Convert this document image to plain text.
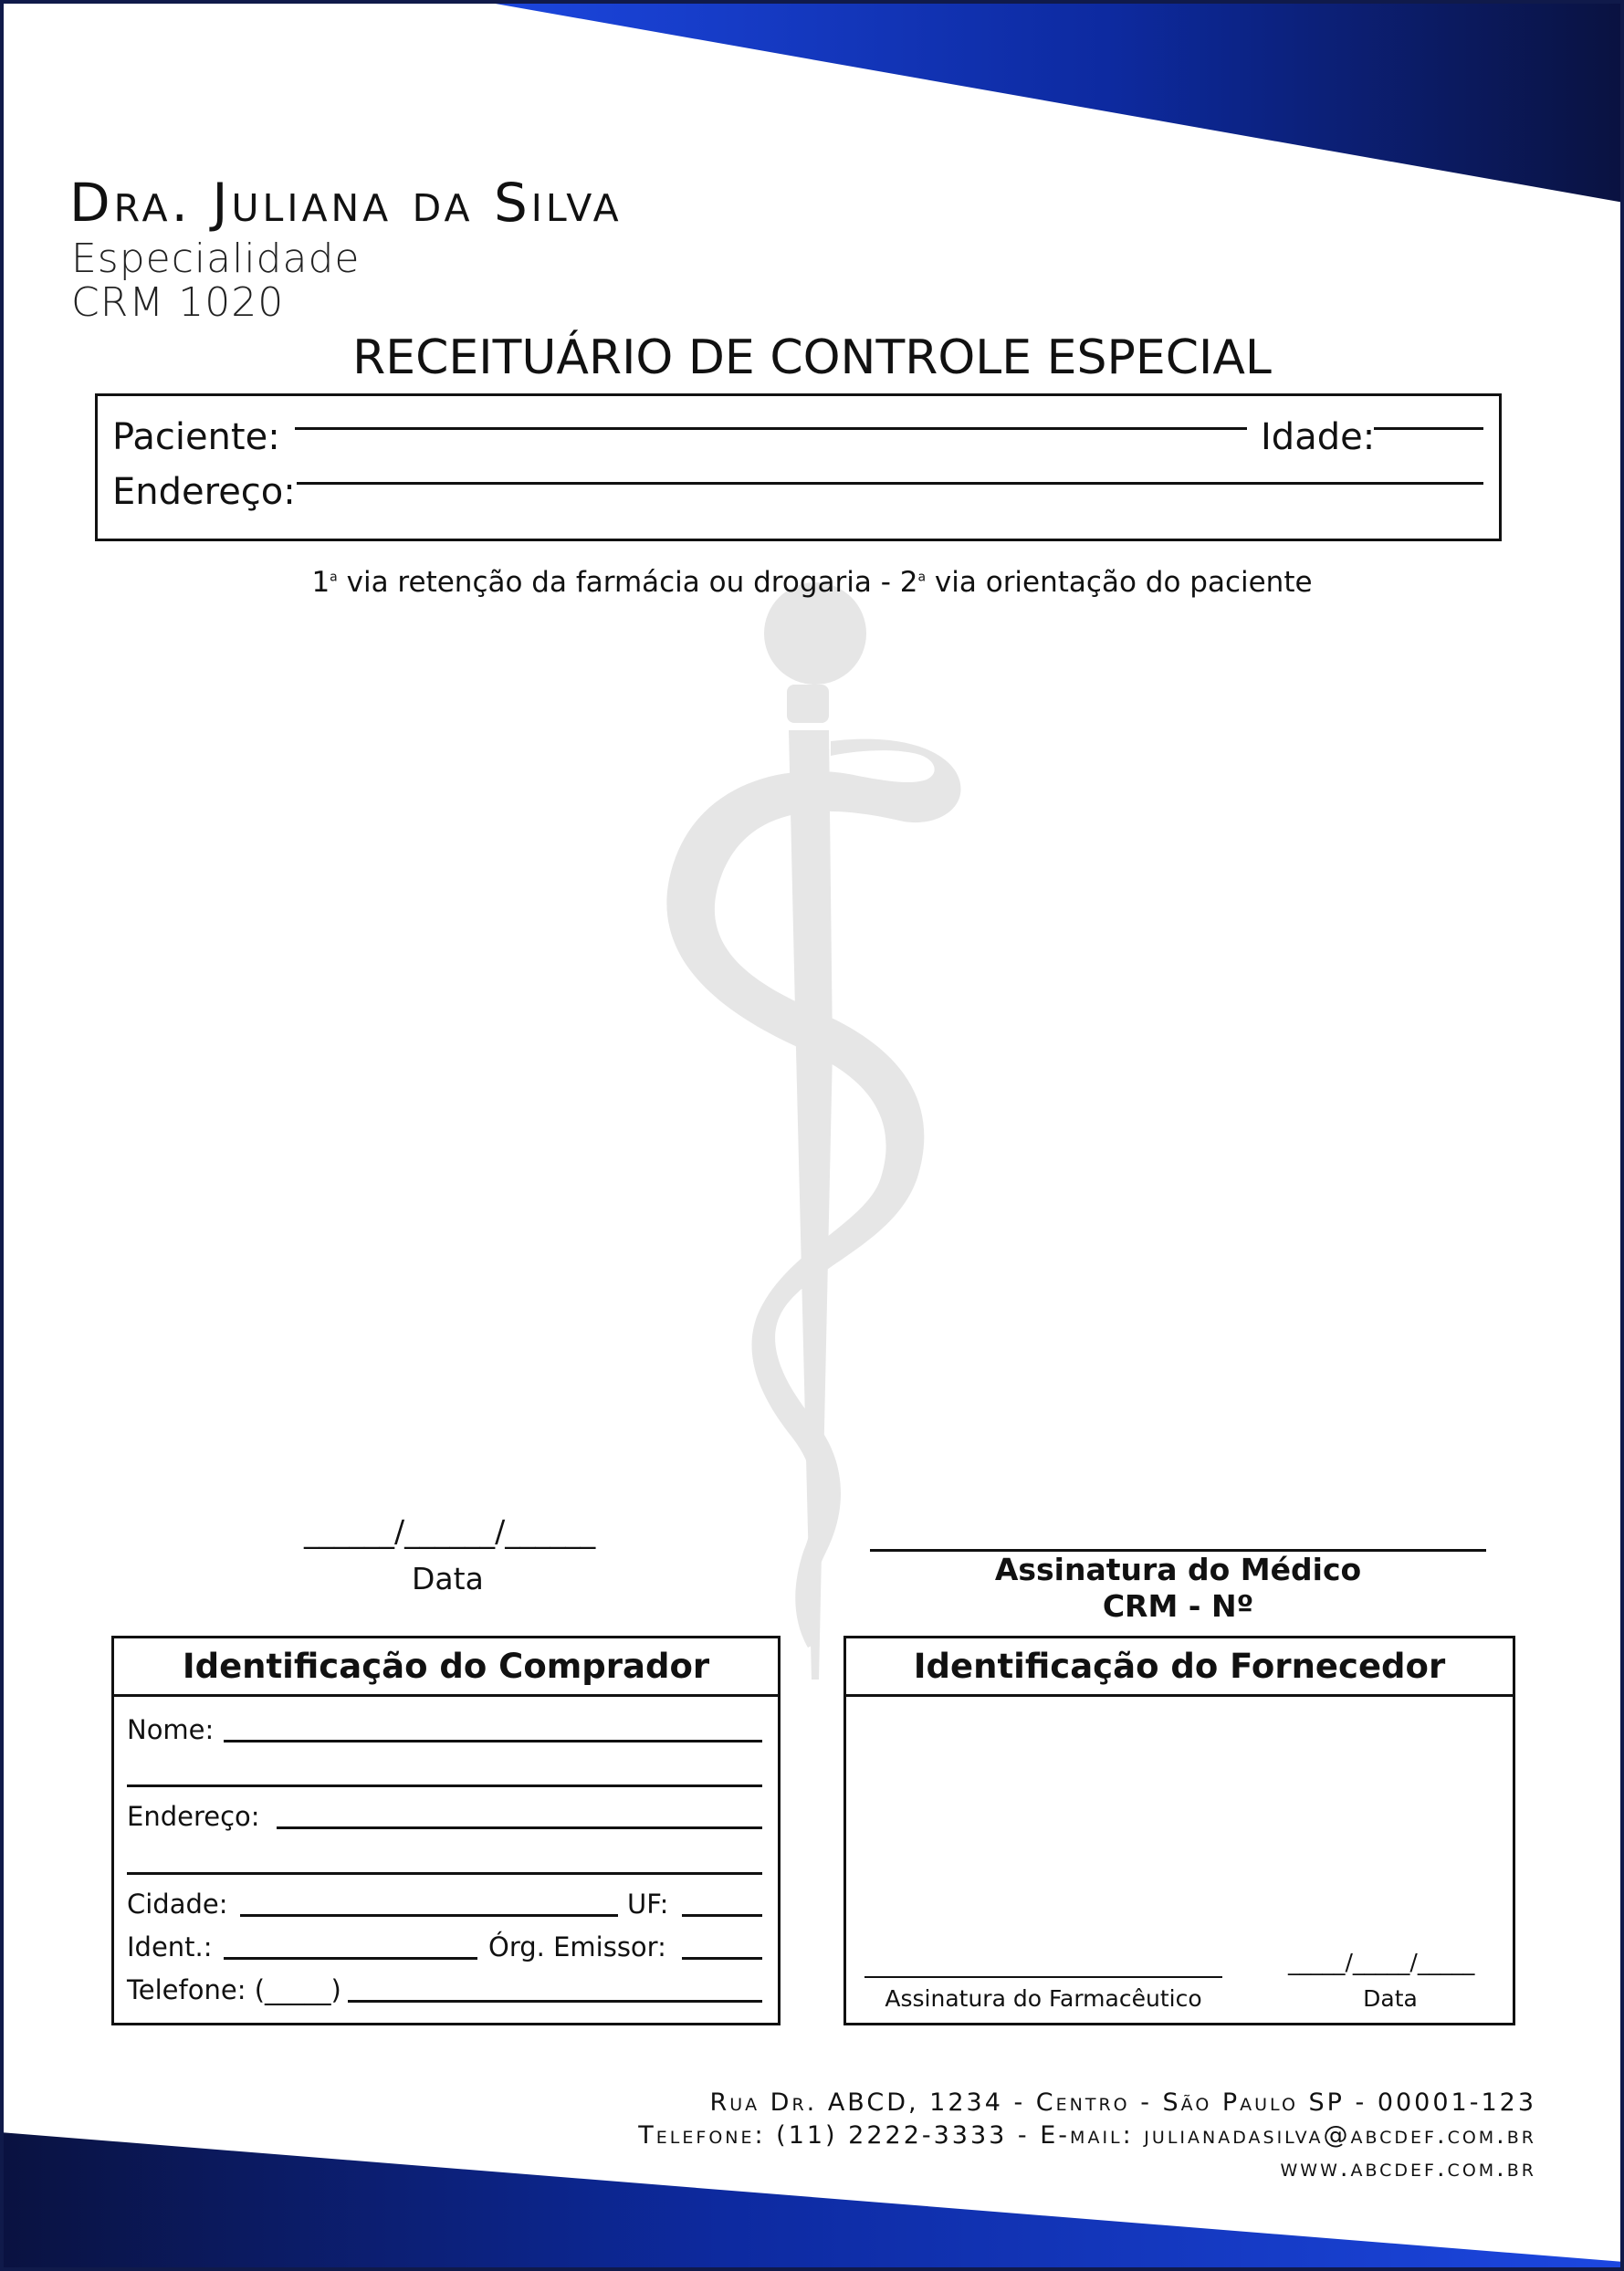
Dra. Juliana da Silva
Especialidade
CRM 1020
RECEITUÁRIO DE CONTROLE ESPECIAL
Paciente:	Idade:
Endereço:
1$^a$ via retenção da farmácia ou drogaria - 2$^a$ via orientação do paciente
______/______/______
Data	Assinatura do Médico
CRM - Nº
Identificação do Comprador
Nome:
Endereço:
Cidade:	UF:
Ident.:	Órg. Emissor:
Telefone: (_____)
Identificação do Fornecedor
Assinatura do Farmacêutico
_____/_____/_____
Data
Rua Dr. ABCD, 1234 - Centro - São Paulo SP - 00001-123
Telefone: (11) 2222-3333 - E-mail: julianadasilva@abcdef.com.br
www.abcdef.com.br
